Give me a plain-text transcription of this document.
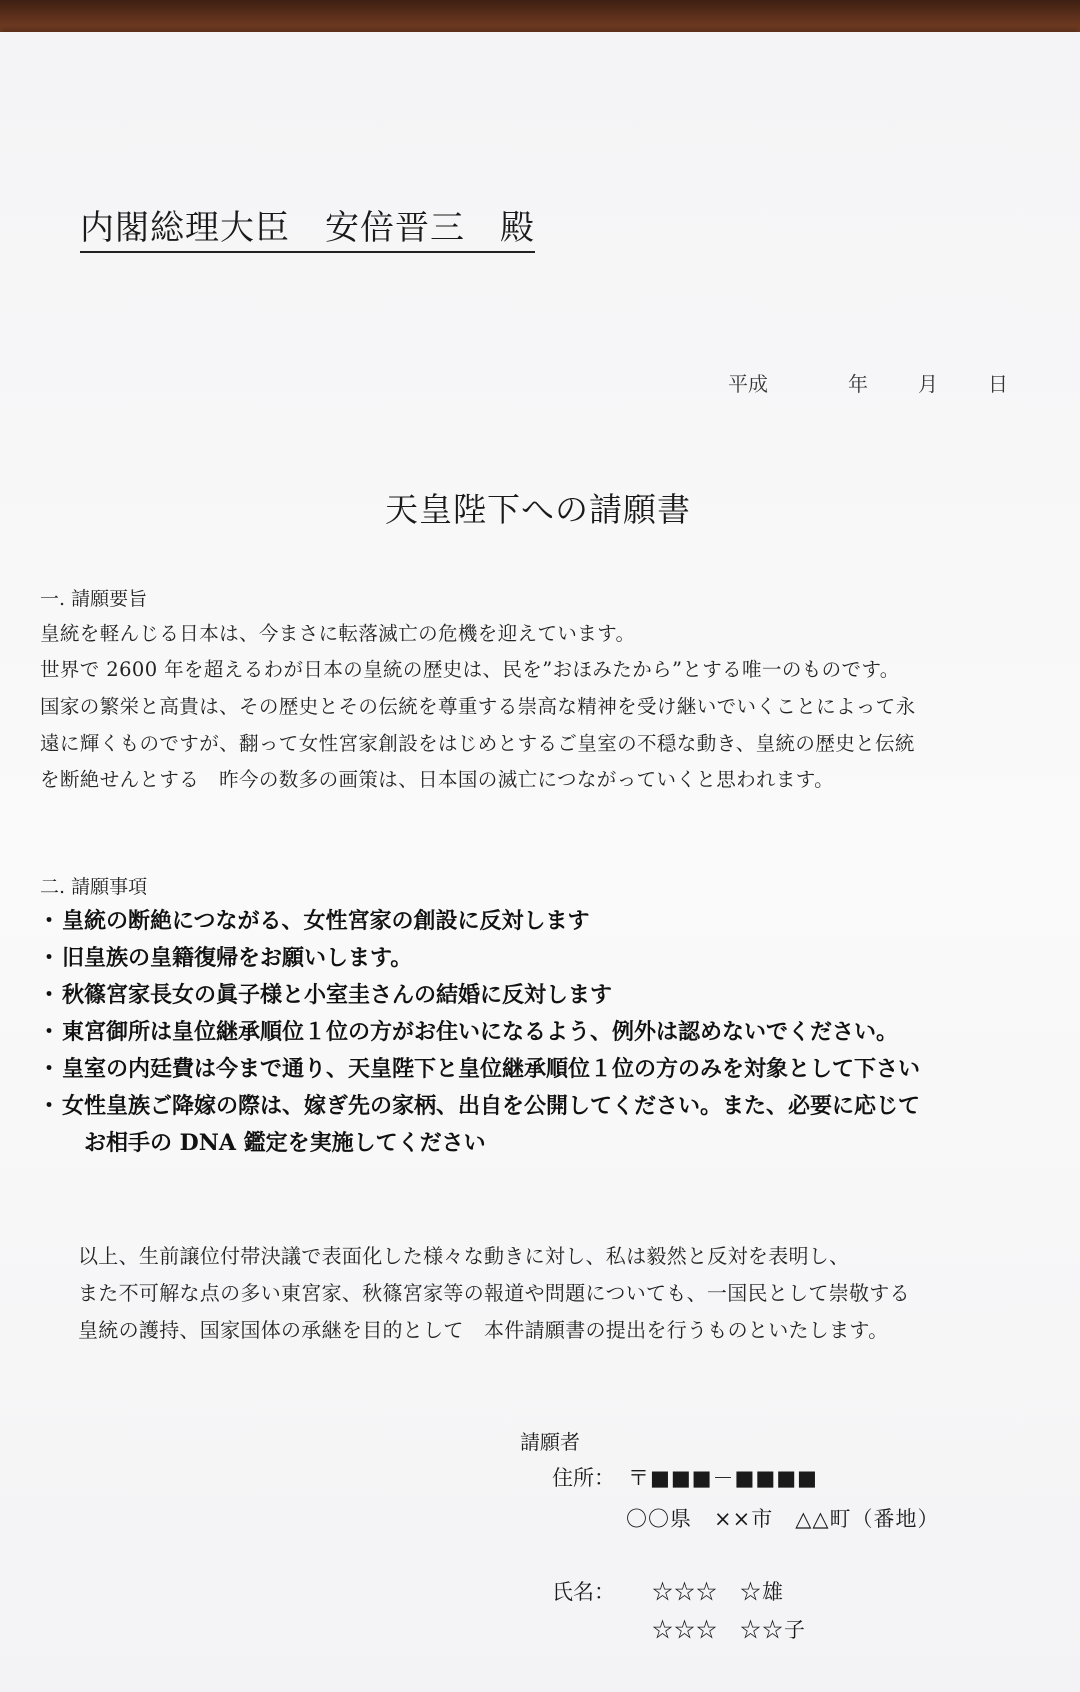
内閣総理大臣　安倍晋三　殿
平成	年	月	日
天皇陛下への請願書
一. 請願要旨
皇統を軽んじる日本は、今まさに転落滅亡の危機を迎えています。
世界で 2600 年を超えるわが日本の皇統の歴史は、民を”おほみたから”とする唯一のものです。
国家の繁栄と高貴は、その歴史とその伝統を尊重する崇高な精神を受け継いでいくことによって永
遠に輝くものですが、翻って女性宮家創設をはじめとするご皇室の不穏な動き、皇統の歴史と伝統
を断絶せんとする　昨今の数多の画策は、日本国の滅亡につながっていくと思われます。
二. 請願事項
・皇統の断絶につながる、女性宮家の創設に反対します
・旧皇族の皇籍復帰をお願いします。
・秋篠宮家長女の眞子様と小室圭さんの結婚に反対します
・東宮御所は皇位継承順位１位の方がお住いになるよう、例外は認めないでください。
・皇室の内廷費は今まで通り、天皇陛下と皇位継承順位１位の方のみを対象として下さい
・女性皇族ご降嫁の際は、嫁ぎ先の家柄、出自を公開してください。また、必要に応じて
お相手の DNA 鑑定を実施してください
以上、生前譲位付帯決議で表面化した様々な動きに対し、私は毅然と反対を表明し、
また不可解な点の多い東宮家、秋篠宮家等の報道や問題についても、一国民として崇敬する
皇統の護持、国家国体の承継を目的として　本件請願書の提出を行うものといたします。
請願者
住所： 〒■■■－■■■■
〇〇県　××市　△△町（番地）
氏名： ☆☆☆　☆雄
☆☆☆　☆☆子
